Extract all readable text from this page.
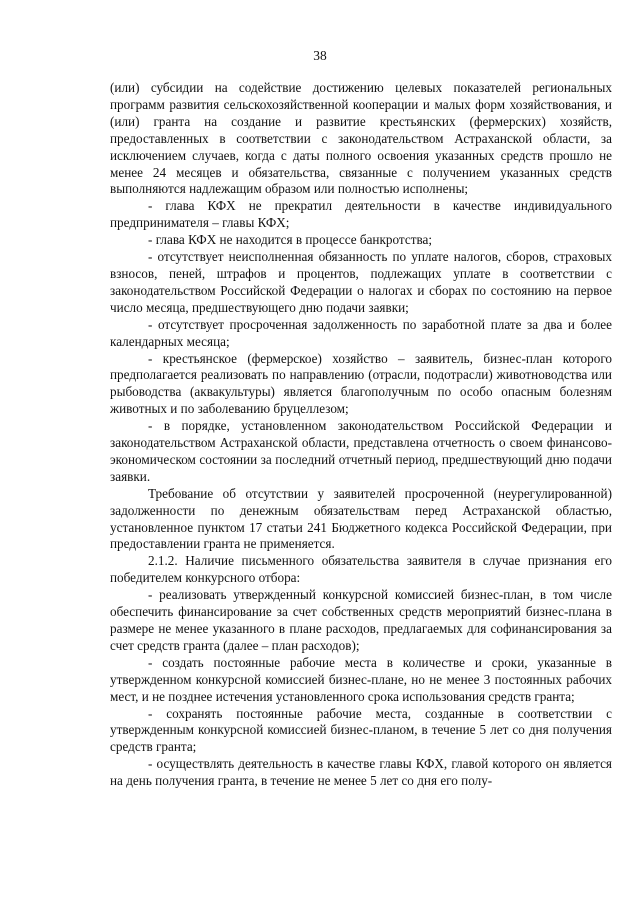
38

(или) субсидии на содействие достижению целевых показателей региональных программ развития сельскохозяйственной кооперации и малых форм хозяйствования, и (или) гранта на создание и развитие крестьянских (фермерских) хозяйств, предоставленных в соответствии с законодательством Астраханской области, за исключением случаев, когда с даты полного освоения указанных средств прошло не менее 24 месяцев и обязательства, связанные с получением указанных средств выполняются надлежащим образом или полностью исполнены;

- глава КФХ не прекратил деятельности в качестве индивидуального предпринимателя – главы КФХ;

- глава КФХ не находится в процессе банкротства;

- отсутствует неисполненная обязанность по уплате налогов, сборов, страховых взносов, пеней, штрафов и процентов, подлежащих уплате в соответствии с законодательством Российской Федерации о налогах и сборах по состоянию на первое число месяца, предшествующего дню подачи заявки;

- отсутствует просроченная задолженность по заработной плате за два и более календарных месяца;

- крестьянское (фермерское) хозяйство – заявитель, бизнес-план которого предполагается реализовать по направлению (отрасли, подотрасли) животноводства или рыбоводства (аквакультуры) является благополучным по особо опасным болезням животных и по заболеванию бруцеллезом;

- в порядке, установленном законодательством Российской Федерации и законодательством Астраханской области, представлена отчетность о своем финансово-экономическом состоянии за последний отчетный период, предшествующий дню подачи заявки.

Требование об отсутствии у заявителей просроченной (неурегулированной) задолженности по денежным обязательствам перед Астраханской областью, установленное пунктом 17 статьи 241 Бюджетного кодекса Российской Федерации, при предоставлении гранта не применяется.

2.1.2. Наличие письменного обязательства заявителя в случае признания его победителем конкурсного отбора:

- реализовать утвержденный конкурсной комиссией бизнес-план, в том числе обеспечить финансирование за счет собственных средств мероприятий бизнес-плана в размере не менее указанного в плане расходов, предлагаемых для софинансирования за счет средств гранта (далее – план расходов);

- создать постоянные рабочие места в количестве и сроки, указанные в утвержденном конкурсной комиссией бизнес-плане, но не менее 3 постоянных рабочих мест, и не позднее истечения установленного срока использования средств гранта;

- сохранять постоянные рабочие места, созданные в соответствии с утвержденным конкурсной комиссией бизнес-планом, в течение 5 лет со дня получения средств гранта;

- осуществлять деятельность в качестве главы КФХ, главой которого он является на день получения гранта, в течение не менее 5 лет со дня его полу-
